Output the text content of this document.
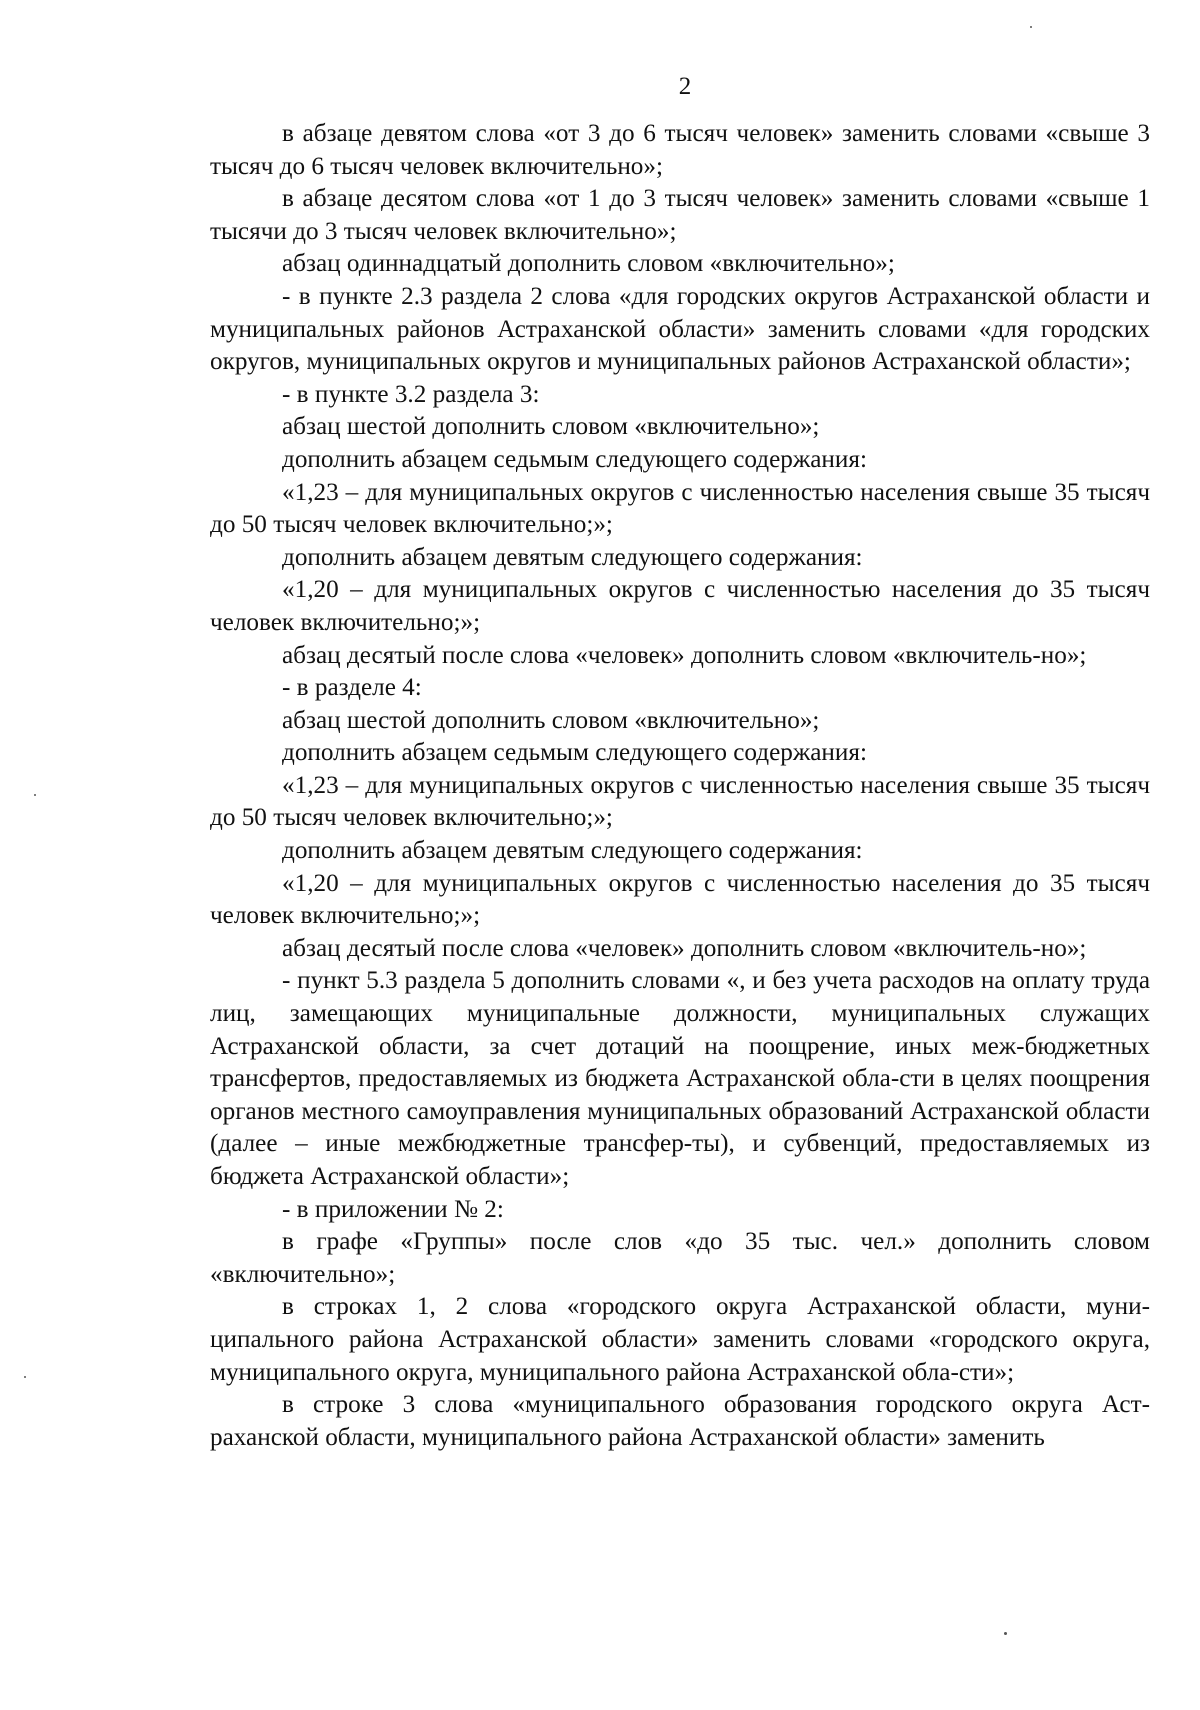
2

в абзаце девятом слова «от 3 до 6 тысяч человек» заменить словами «свыше 3 тысяч до 6 тысяч человек включительно»;

в абзаце десятом слова «от 1 до 3 тысяч человек» заменить словами «свыше 1 тысячи до 3 тысяч человек включительно»;

абзац одиннадцатый дополнить словом «включительно»;

- в пункте 2.3 раздела 2 слова «для городских округов Астраханской области и муниципальных районов Астраханской области» заменить словами «для городских округов, муниципальных округов и муниципальных районов Астраханской области»;

- в пункте 3.2 раздела 3:

абзац шестой дополнить словом «включительно»;

дополнить абзацем седьмым следующего содержания:

«1,23 – для муниципальных округов с численностью населения свыше 35 тысяч до 50 тысяч человек включительно;»;

дополнить абзацем девятым следующего содержания:

«1,20 – для муниципальных округов с численностью населения до 35 тысяч человек включительно;»;

абзац десятый после слова «человек» дополнить словом «включитель-но»;

- в разделе 4:

абзац шестой дополнить словом «включительно»;

дополнить абзацем седьмым следующего содержания:

«1,23 – для муниципальных округов с численностью населения свыше 35 тысяч до 50 тысяч человек включительно;»;

дополнить абзацем девятым следующего содержания:

«1,20 – для муниципальных округов с численностью населения до 35 тысяч человек включительно;»;

абзац десятый после слова «человек» дополнить словом «включитель-но»;

- пункт 5.3 раздела 5 дополнить словами «, и без учета расходов на оплату труда лиц, замещающих муниципальные должности, муниципальных служащих Астраханской области, за счет дотаций на поощрение, иных меж-бюджетных трансфертов, предоставляемых из бюджета Астраханской обла-сти в целях поощрения органов местного самоуправления муниципальных образований Астраханской области (далее – иные межбюджетные трансфер-ты), и субвенций, предоставляемых из бюджета Астраханской области»;

- в приложении № 2:

в графе «Группы» после слов «до 35 тыс. чел.» дополнить словом «включительно»;

в строках 1, 2 слова «городского округа Астраханской области, муни-ципального района Астраханской области» заменить словами «городского округа, муниципального округа, муниципального района Астраханской обла-сти»;

в строке 3 слова «муниципального образования городского округа Аст-раханской области, муниципального района Астраханской области» заменить
